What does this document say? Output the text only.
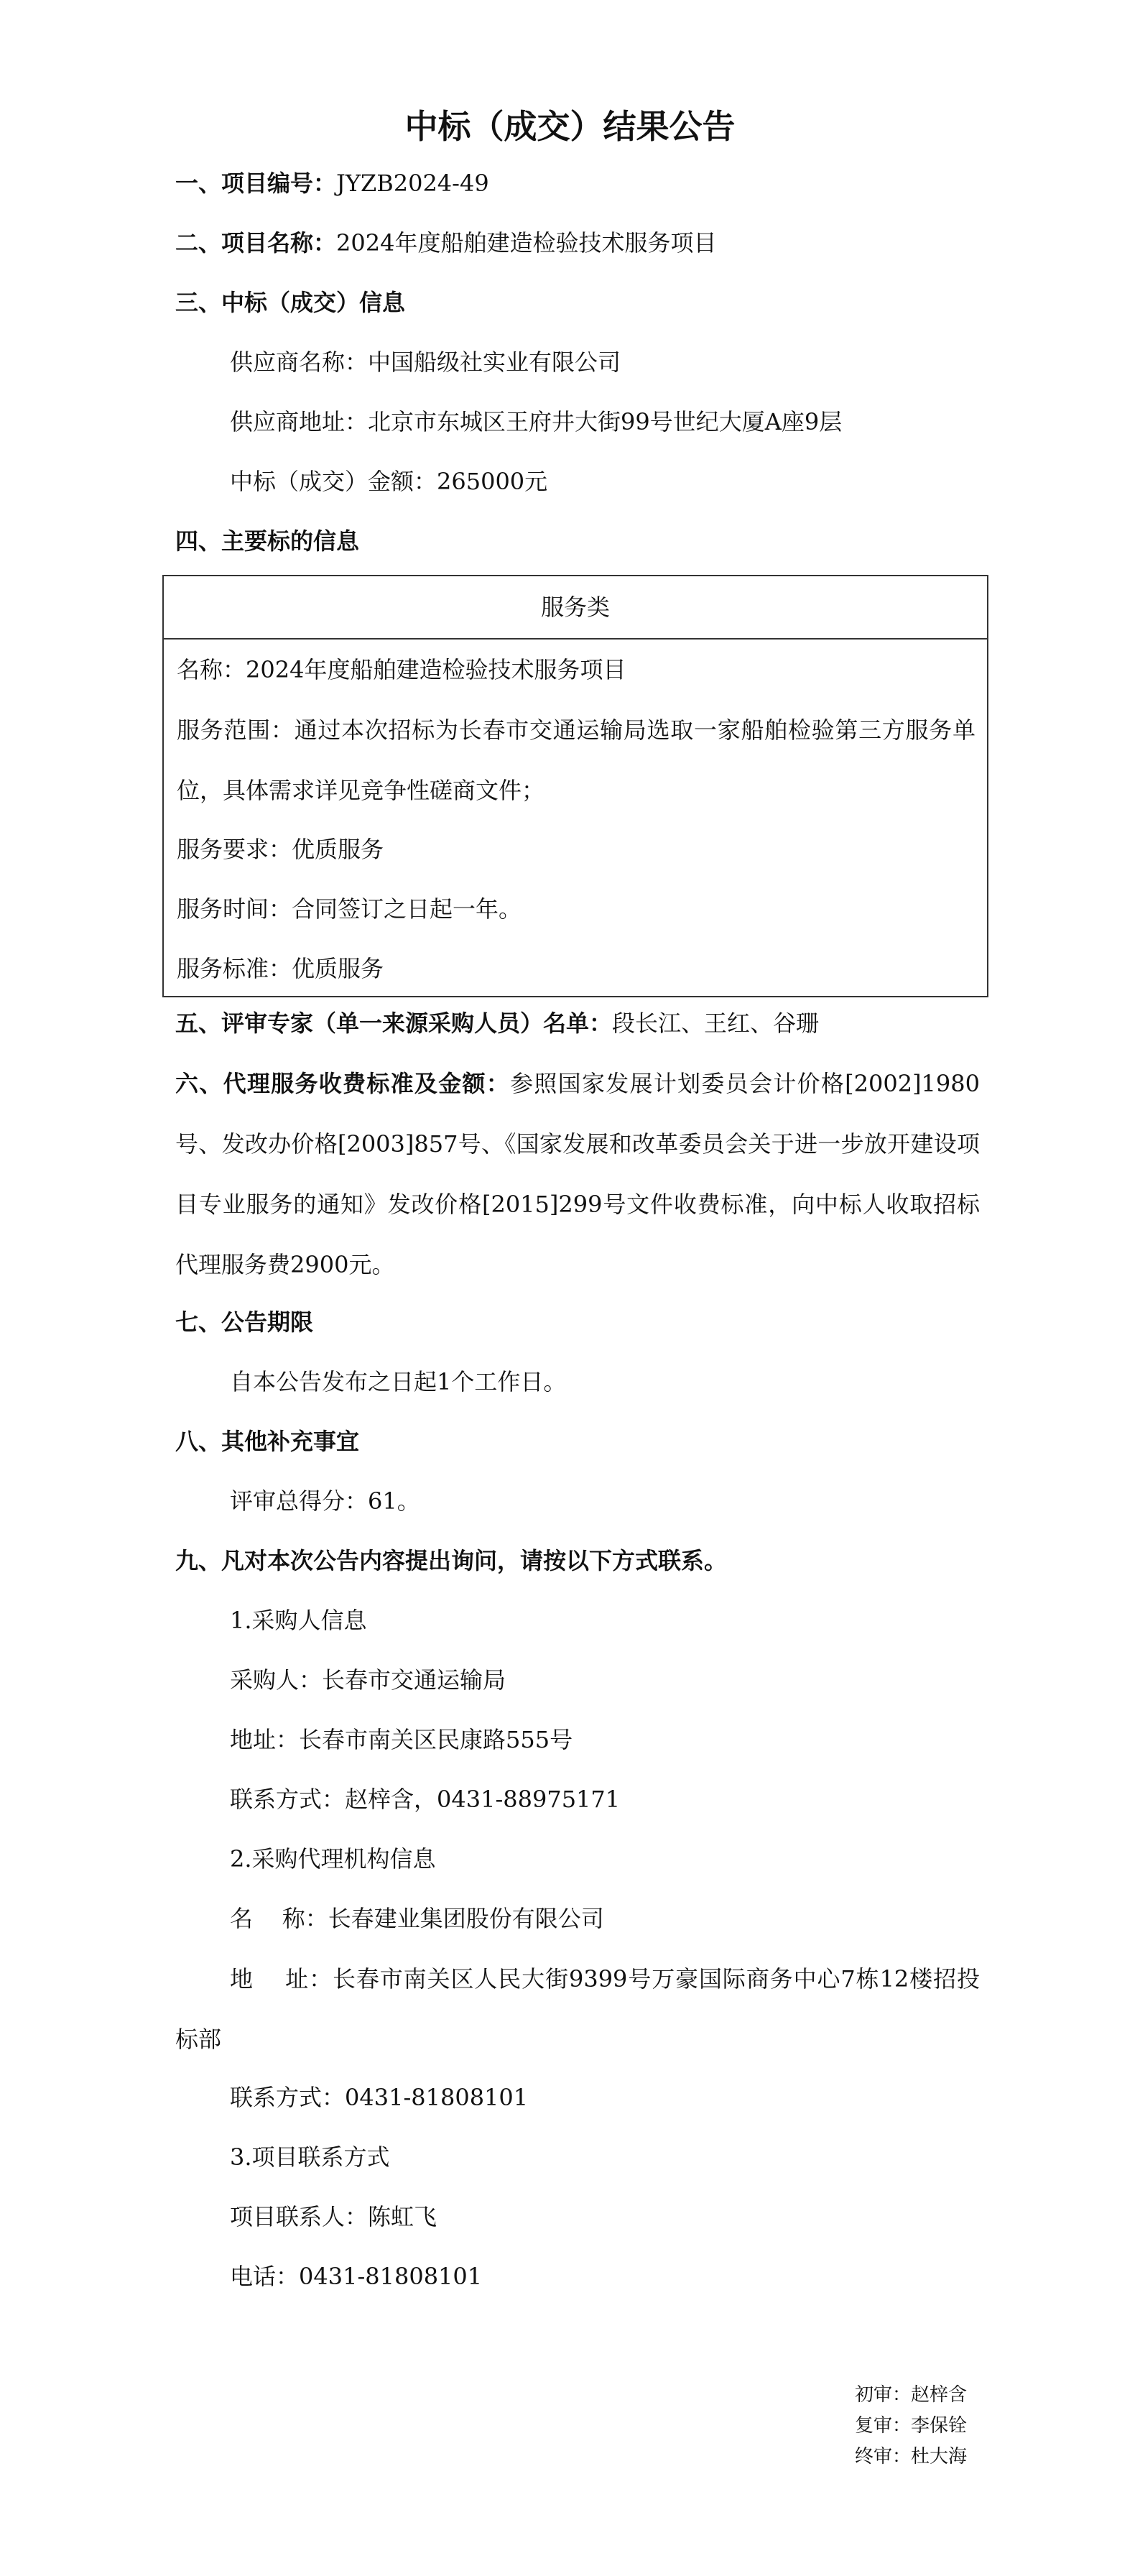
中标（成交）结果公告
一、项目编号：JYZB2024-49
二、项目名称：2024年度船舶建造检验技术服务项目
三、中标（成交）信息
供应商名称：中国船级社实业有限公司
供应商地址：北京市东城区王府井大街99号世纪大厦A座9层
中标（成交）金额：265000元
四、主要标的信息
服务类
名称：2024年度船舶建造检验技术服务项目
服务范围：通过本次招标为长春市交通运输局选取一家船舶检验第三方服务单位，具体需求详见竞争性磋商文件；
服务要求：优质服务
服务时间：合同签订之日起一年。
服务标准：优质服务
五、评审专家（单一来源采购人员）名单：段长江、王红、谷珊
六、代理服务收费标准及金额：参照国家发展计划委员会计价格[2002]1980号、发改办价格[2003]857号、《国家发展和改革委员会关于进一步放开建设项目专业服务的通知》发改价格[2015]299号文件收费标准，向中标人收取招标代理服务费2900元。
七、公告期限
自本公告发布之日起1个工作日。
八、其他补充事宜
评审总得分：61。
九、凡对本次公告内容提出询问，请按以下方式联系。
1.采购人信息
采购人：长春市交通运输局
地址：长春市南关区民康路555号
联系方式：赵梓含，0431-88975171
2.采购代理机构信息
名    称：长春建业集团股份有限公司
地    址：长春市南关区人民大街9399号万豪国际商务中心7栋12楼招投标部
联系方式：0431-81808101
3.项目联系方式
项目联系人：陈虹飞
电话：0431-81808101
初审：赵梓含
复审：李保铨
终审：杜大海
